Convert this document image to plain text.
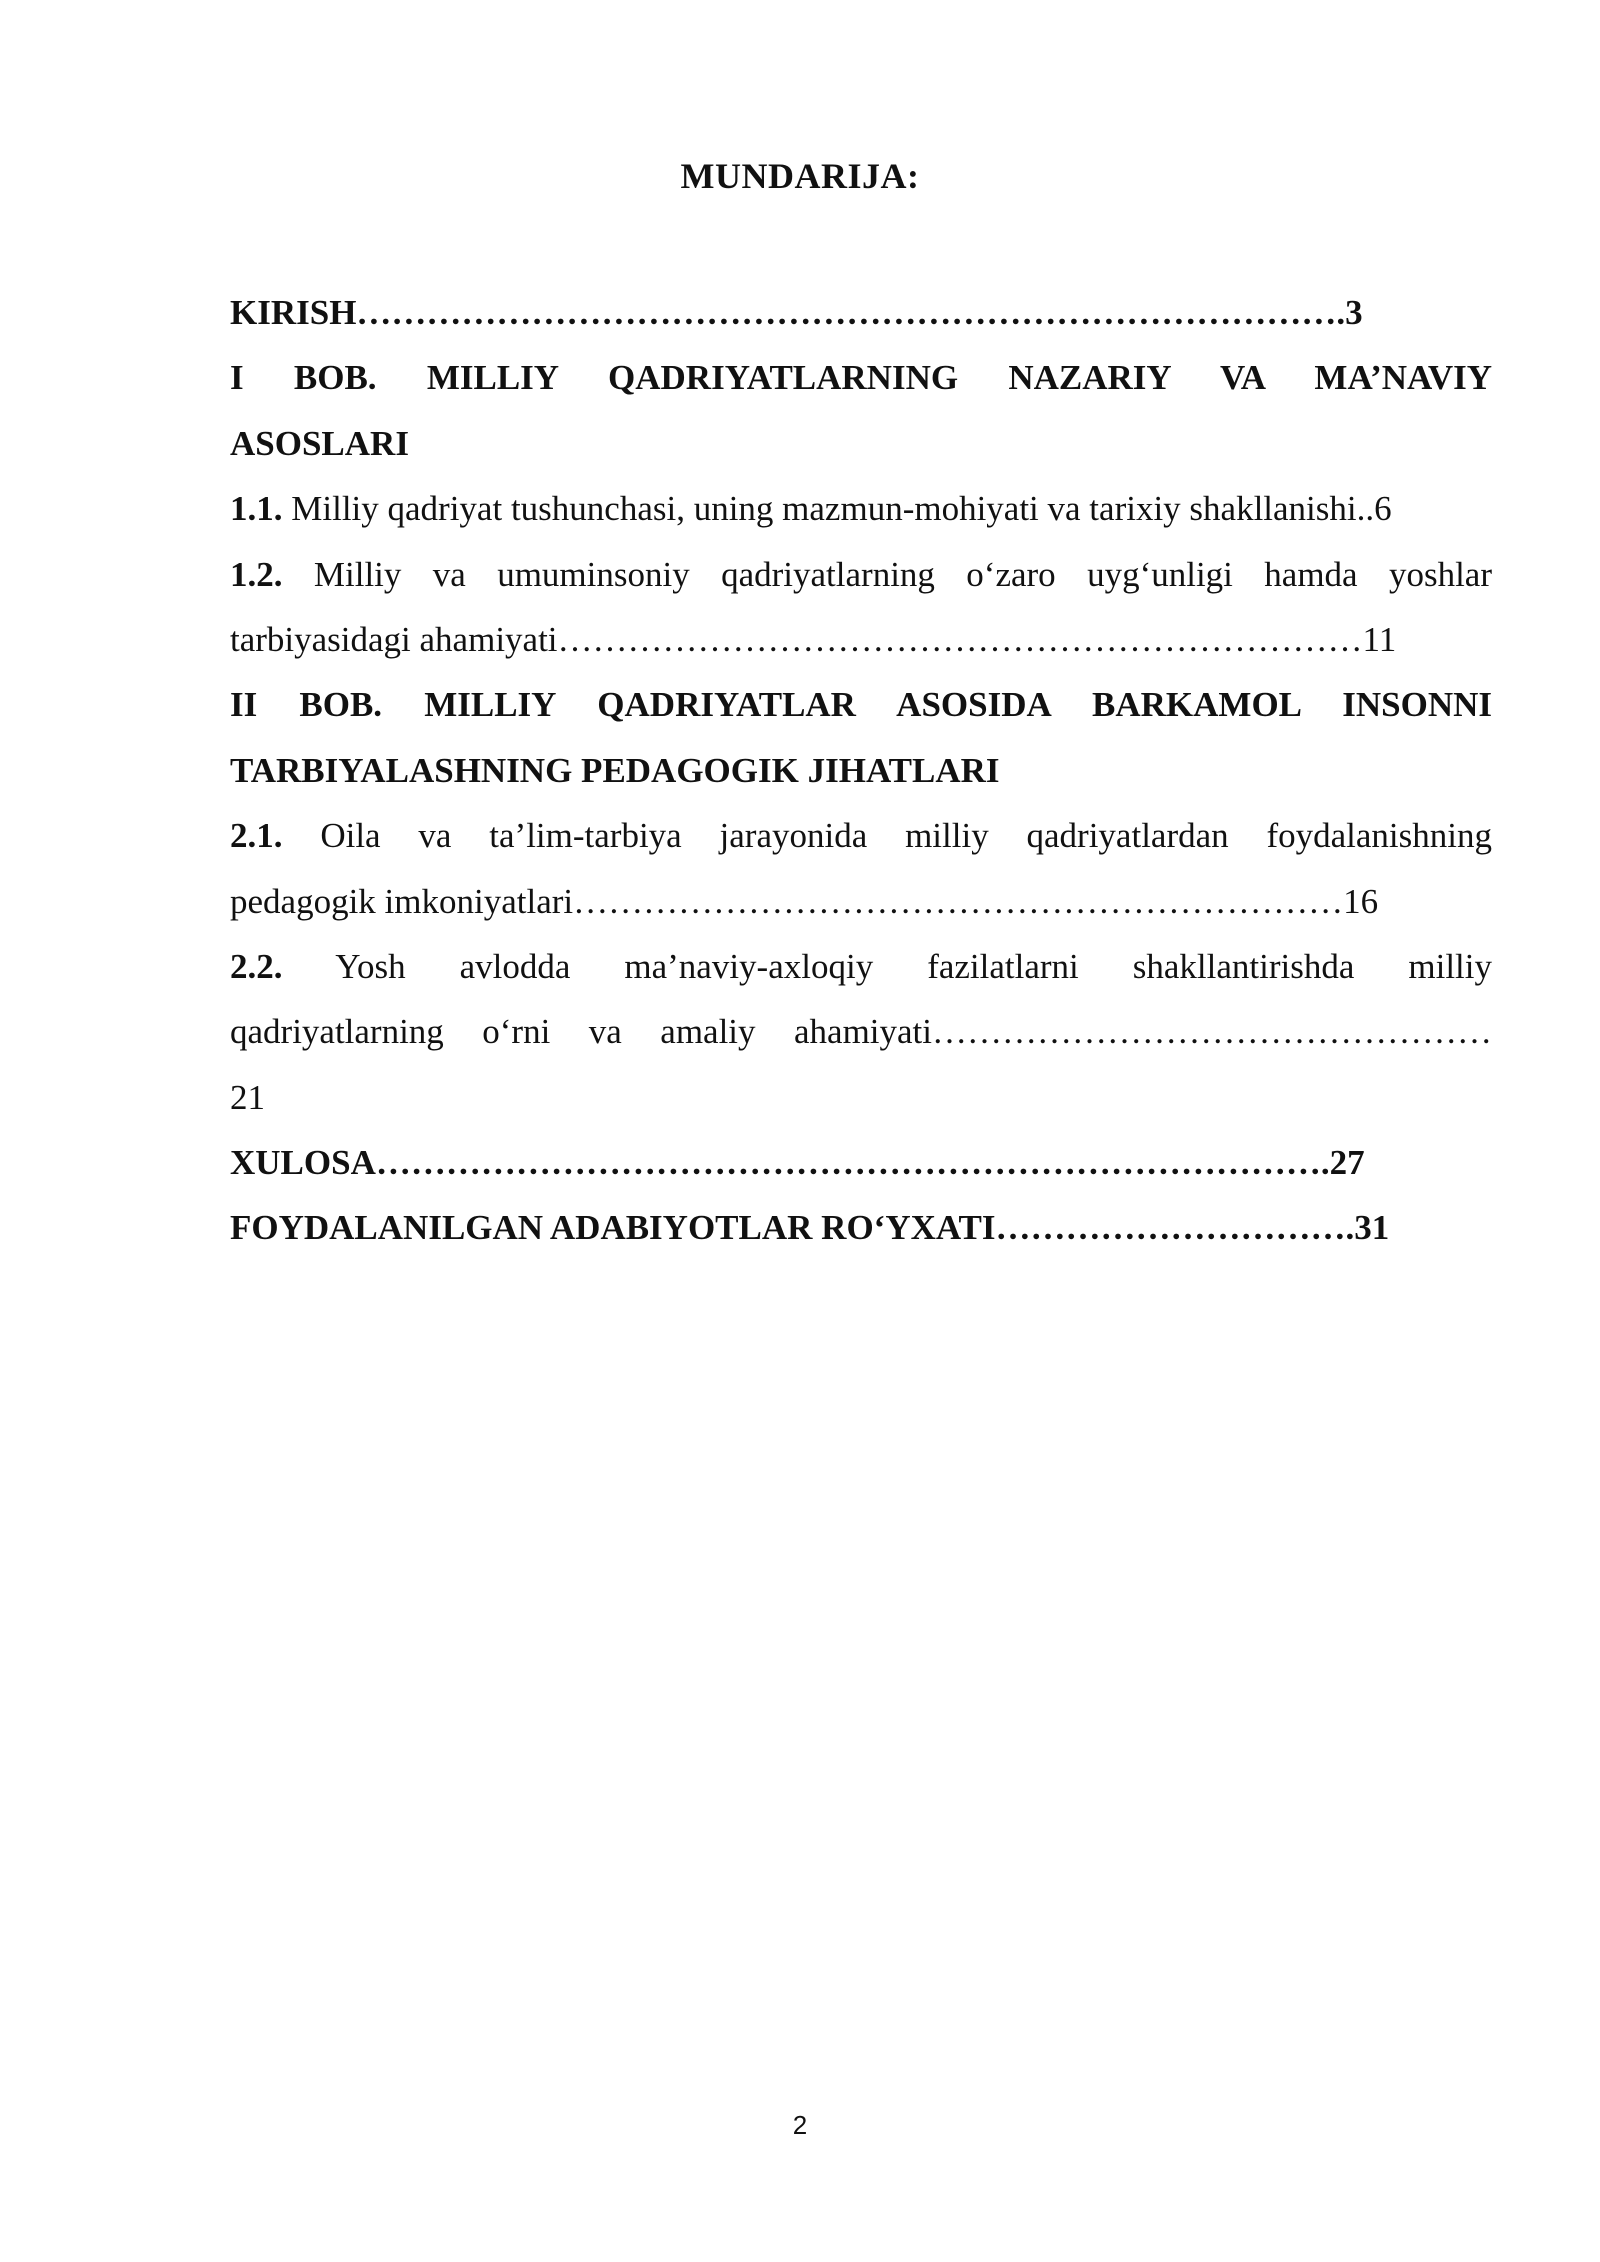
MUNDARIJA:
KIRISH………………………………………………………………………….3
I BOB. MILLIY QADRIYATLARNING NAZARIY VA MA’NAVIY
ASOSLARI
1.1. Milliy qadriyat tushunchasi, uning mazmun-mohiyati va tarixiy shakllanishi..6
1.2. Milliy va umuminsoniy qadriyatlarning o‘zaro uyg‘unligi hamda yoshlar
tarbiyasidagi ahamiyati……………………………………………………………11
II BOB. MILLIY QADRIYATLAR ASOSIDA BARKAMOL INSONNI
TARBIYALASHNING PEDAGOGIK JIHATLARI
2.1. Oila va ta’lim-tarbiya jarayonida milliy qadriyatlardan foydalanishning
pedagogik imkoniyatlari…………………………………………………………16
2.2. Yosh avlodda ma’naviy-axloqiy fazilatlarni shakllantirishda milliy
qadriyatlarning o‘rni va amaliy ahamiyati…………………………………………
21
XULOSA……………………………………………………………………….27
FOYDALANILGAN ADABIYOTLAR RO‘YXATI………………………….31
2
